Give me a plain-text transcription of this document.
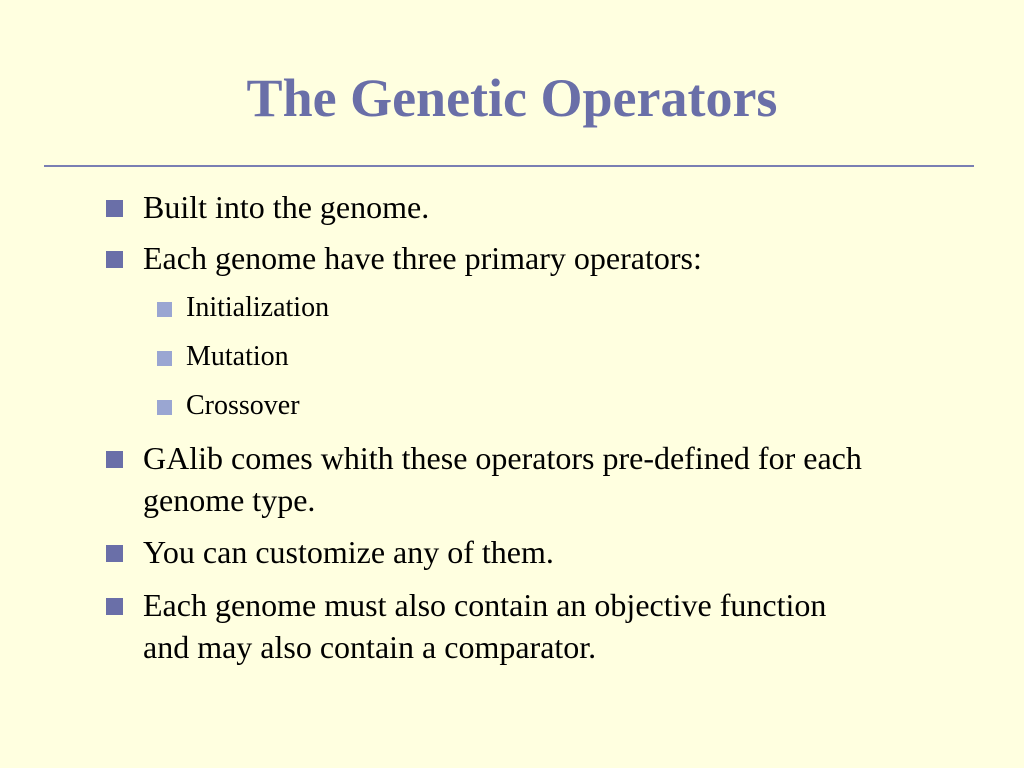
The Genetic Operators
Built into the genome.
Each genome have three primary operators:
Initialization
Mutation
Crossover
GAlib comes whith these operators pre-defined for each genome type.
You can customize any of them.
Each genome must also contain an objective function and may also contain a comparator.
